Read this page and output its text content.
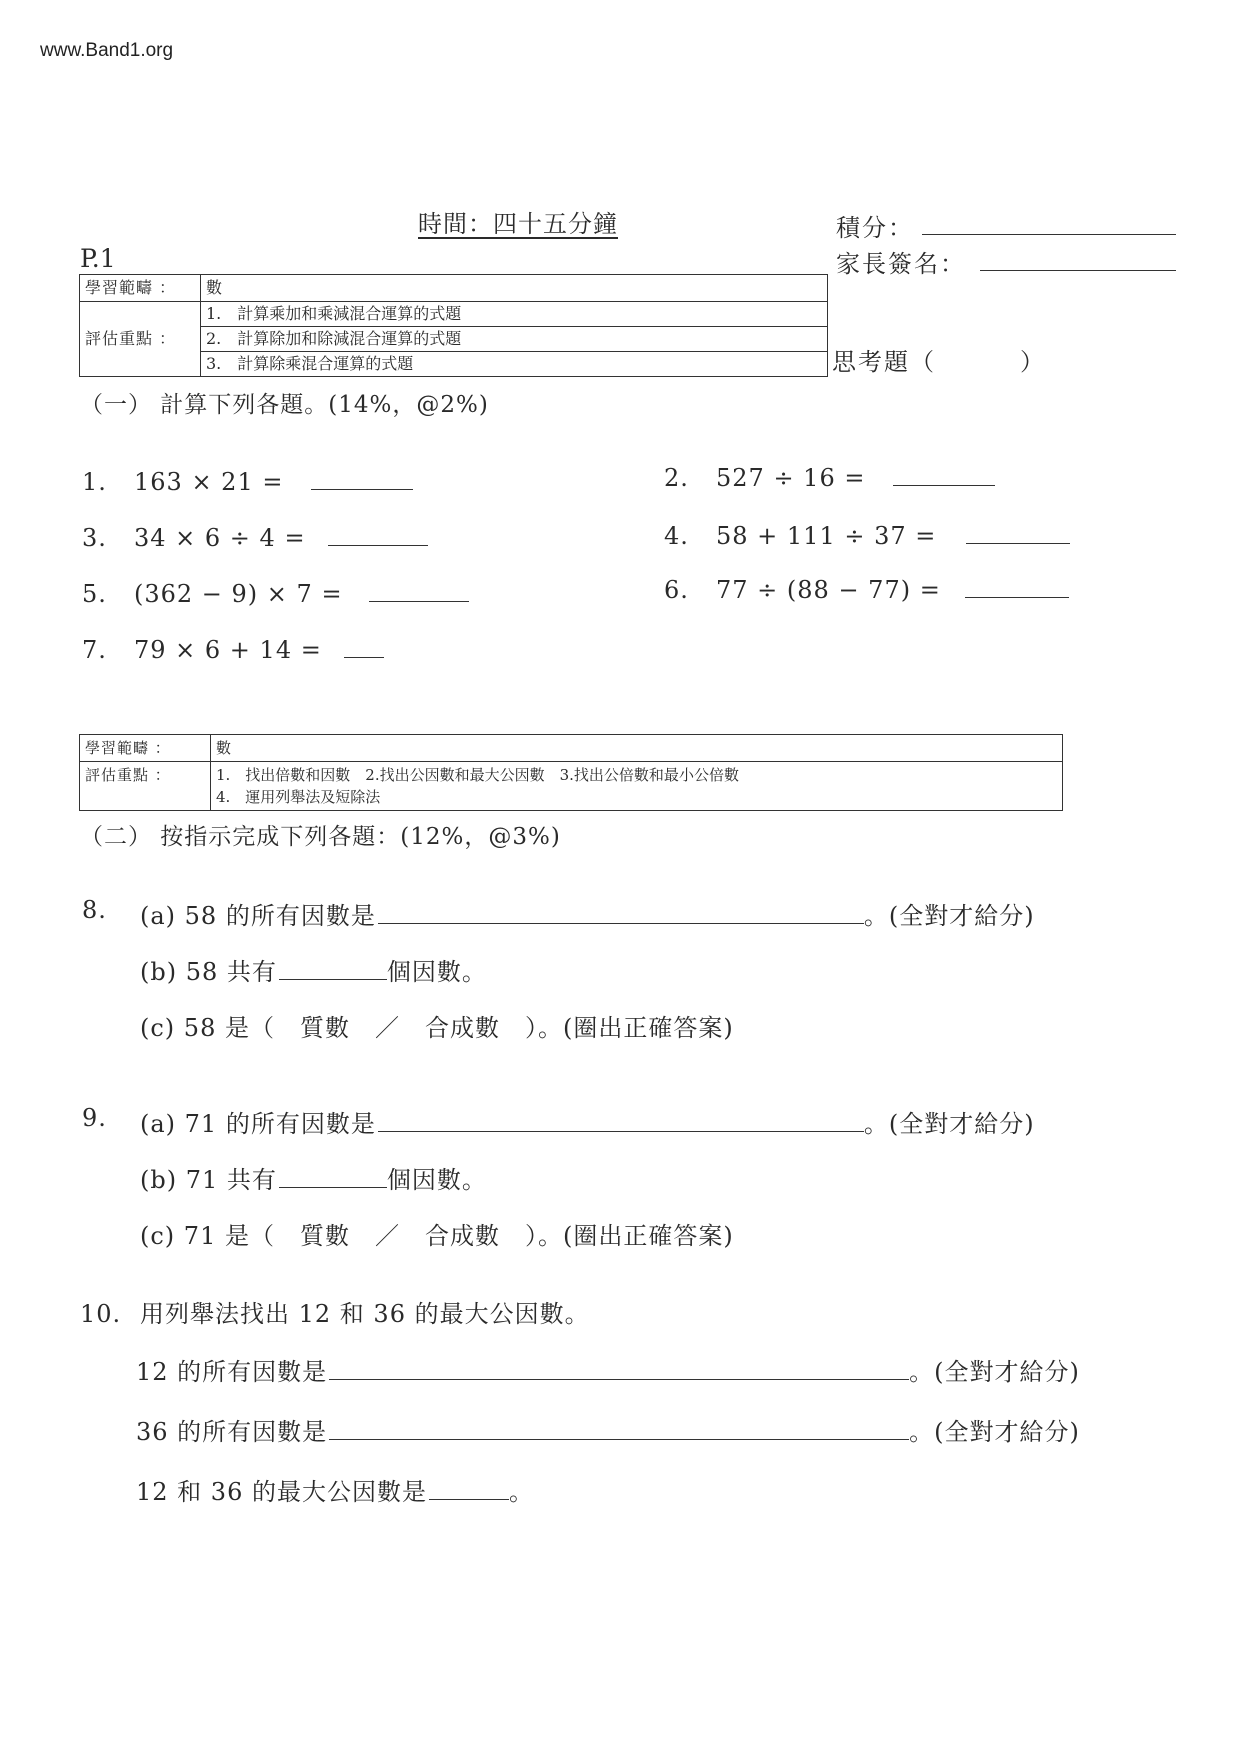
www.Band1.org
時間：四十五分鐘	積分：
家長簽名：
P.1
思考題（	）
學習範疇 ：	數
評估重點 ：	1.　計算乘加和乘減混合運算的式題
2.　計算除加和除減混合運算的式題
3.　計算除乘混合運算的式題
（一） 計算下列各題。(14%，@2%)
1. 163 × 21 =	2. 527 ÷ 16 =
3. 34 × 6 ÷ 4 =	4. 58 + 111 ÷ 37 =
5. (362 − 9) × 7 =	6. 77 ÷ (88 − 77) =
7. 79 × 6 + 14 =
學習範疇 ：	數
評估重點 ：	1.　找出倍數和因數　2.找出公因數和最大公因數　3.找出公倍數和最小公倍數
4.　運用列舉法及短除法
（二） 按指示完成下列各題：(12%，@3%)
8. (a) 58 的所有因數是	。(全對才給分)
(b) 58 共有	個因數。
(c) 58 是（　質數　／　合成數　）。(圈出正確答案)
9. (a) 71 的所有因數是	。(全對才給分)
(b) 71 共有	個因數。
(c) 71 是（　質數　／　合成數　）。(圈出正確答案)
10. 用列舉法找出 12 和 36 的最大公因數。
12 的所有因數是	。(全對才給分)
36 的所有因數是	。(全對才給分)
12 和 36 的最大公因數是	。
